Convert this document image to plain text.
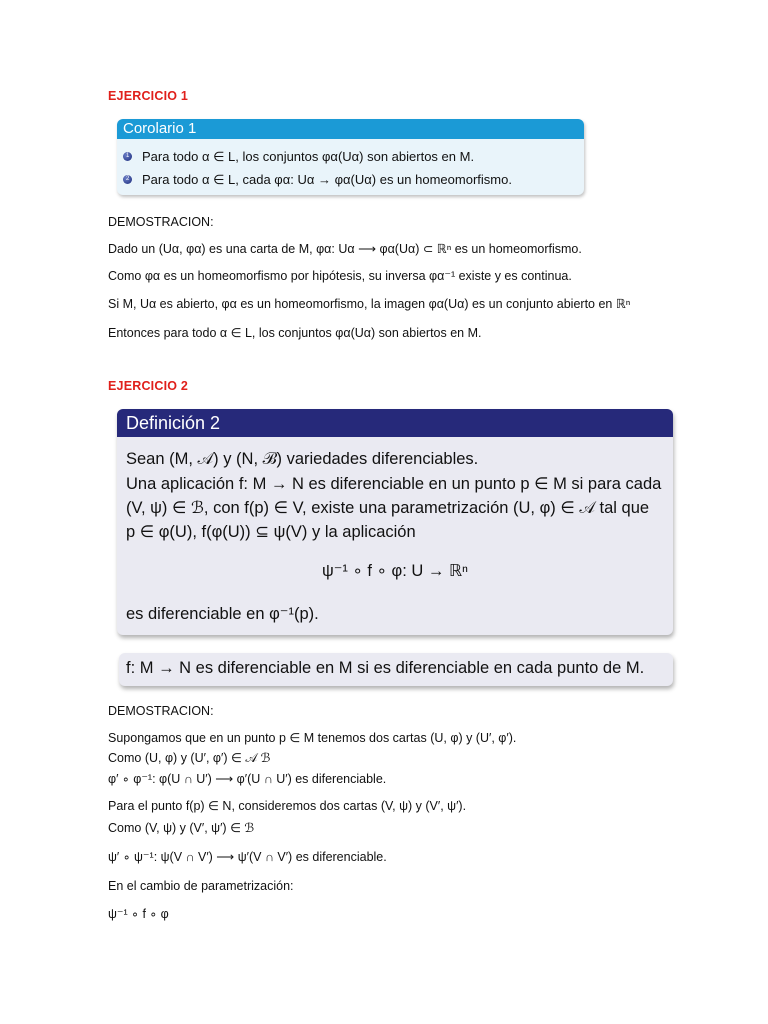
EJERCICIO 1
Corolario 1
1 Para todo α ∈ L, los conjuntos φα(Uα) son abiertos en M.
2 Para todo α ∈ L, cada φα: Uα → φα(Uα) es un homeomorfismo.
DEMOSTRACION:
Dado un (Uα, φα) es una carta de M, φα: Uα ⟶ φα(Uα) ⊂ ℝⁿ es un homeomorfismo.
Como φα es un homeomorfismo por hipótesis, su inversa φα⁻¹ existe y es continua.
Si M, Uα es abierto, φα es un homeomorfismo, la imagen φα(Uα) es un conjunto abierto en ℝⁿ
Entonces para todo α ∈ L, los conjuntos φα(Uα) son abiertos en M.
EJERCICIO 2
Definición 2
Sean (M, 𝒜) y (N, ℬ) variedades diferenciables.
Una aplicación f: M → N es diferenciable en un punto p ∈ M si para cada
(V, ψ) ∈ ℬ, con f(p) ∈ V, existe una parametrización (U, φ) ∈ 𝒜 tal que
p ∈ φ(U), f(φ(U)) ⊆ ψ(V) y la aplicación
ψ⁻¹ ∘ f ∘ φ: U → ℝⁿ
es diferenciable en φ⁻¹(p).
f: M → N es diferenciable en M si es diferenciable en cada punto de M.
DEMOSTRACION:
Supongamos que en un punto p ∈ M tenemos dos cartas (U, φ) y (U′, φ′).
Como (U, φ) y (U′, φ′) ∈ 𝒜 ℬ
φ′ ∘ φ⁻¹: φ(U ∩ U′) ⟶ φ′(U ∩ U′) es diferenciable.
Para el punto f(p) ∈ N, consideremos dos cartas (V, ψ) y (V′, ψ′).
Como (V, ψ) y (V′, ψ′) ∈ ℬ
ψ′ ∘ ψ⁻¹: ψ(V ∩ V′) ⟶ ψ′(V ∩ V′) es diferenciable.
En el cambio de parametrización:
ψ⁻¹ ∘ f ∘ φ
